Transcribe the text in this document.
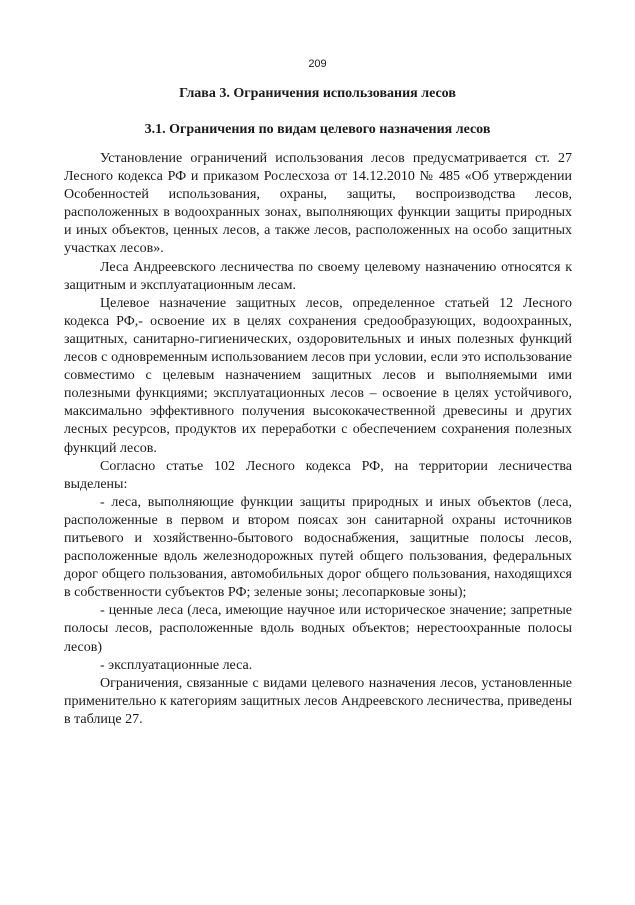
209
Глава 3. Ограничения использования лесов
3.1. Ограничения по видам целевого назначения лесов

Установление ограничений использования лесов предусматривается ст. 27 Лесного кодекса РФ и приказом Рослесхоза от 14.12.2010 № 485 «Об утверждении Особенностей использования, охраны, защиты, воспроизводства лесов, расположенных в водоохранных зонах, выполняющих функции защиты природных и иных объектов, ценных лесов, а также лесов, расположенных на особо защитных участках лесов».

Леса Андреевского лесничества по своему целевому назначению относятся к защитным и эксплуатационным лесам.

Целевое назначение защитных лесов, определенное статьей 12 Лесного кодекса РФ,- освоение их в целях сохранения средообразующих, водоохранных, защитных, санитарно-гигиенических, оздоровительных и иных полезных функций лесов с одновременным использованием лесов при условии, если это использование совместимо с целевым назначением защитных лесов и выполняемыми ими полезными функциями; эксплуатационных лесов – освоение в целях устойчивого, максимально эффективного получения высококачественной древесины и других лесных ресурсов, продуктов их переработки с обеспечением сохранения полезных функций лесов.

Согласно статье 102 Лесного кодекса РФ, на территории лесничества выделены:

- леса, выполняющие функции защиты природных и иных объектов (леса, расположенные в первом и втором поясах зон санитарной охраны источников питьевого и хозяйственно-бытового водоснабжения, защитные полосы лесов, расположенные вдоль железнодорожных путей общего пользования, федеральных дорог общего пользования, автомобильных дорог общего пользования, находящихся в собственности субъектов РФ; зеленые зоны; лесопарковые зоны);

- ценные леса (леса, имеющие научное или историческое значение; запретные полосы лесов, расположенные вдоль водных объектов; нерестоохранные полосы лесов)

- эксплуатационные леса.

Ограничения, связанные с видами целевого назначения лесов, установленные применительно к категориям защитных лесов Андреевского лесничества, приведены в таблице 27.
